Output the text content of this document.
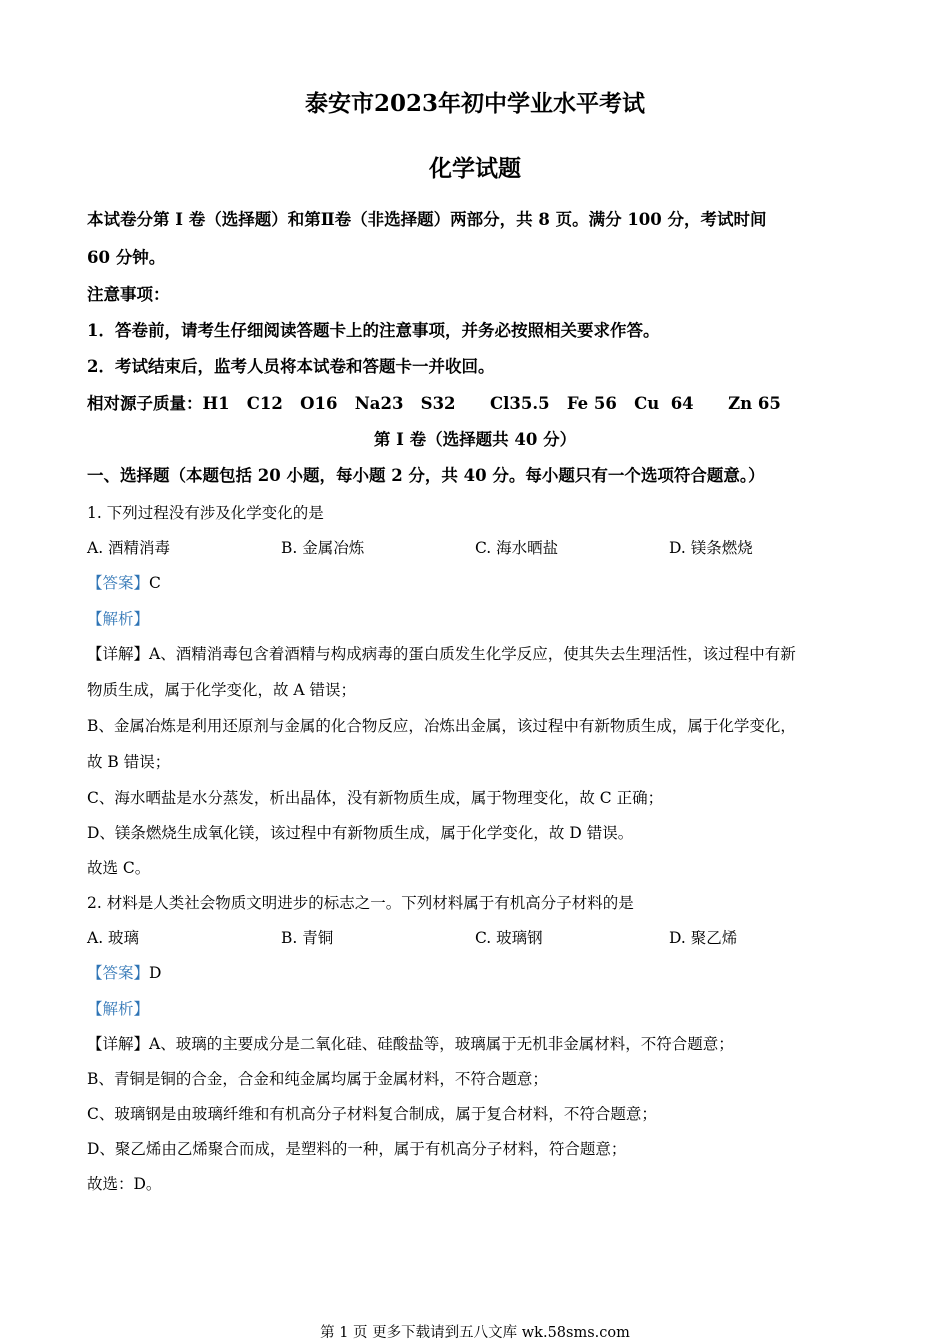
泰安市2023年初中学业水平考试
化学试题
本试卷分第 I 卷（选择题）和第Ⅱ卷（非选择题）两部分，共 8 页。满分 100 分，考试时间
60 分钟。
注意事项：
1．答卷前，请考生仔细阅读答题卡上的注意事项，并务必按照相关要求作答。
2．考试结束后，监考人员将本试卷和答题卡一并收回。
相对源子质量：H1   C12   O16   Na23   S32      Cl35.5   Fe 56   Cu  64      Zn 65
第 I 卷（选择题共 40 分）
一、选择题（本题包括 20 小题，每小题 2 分，共 40 分。每小题只有一个选项符合题意。）
1. 下列过程没有涉及化学变化的是
A. 酒精消毒	B. 金属冶炼	C. 海水晒盐	D. 镁条燃烧
【答案】C
【解析】
【详解】A、酒精消毒包含着酒精与构成病毒的蛋白质发生化学反应，使其失去生理活性，该过程中有新
物质生成，属于化学变化，故 A 错误；
B、金属冶炼是利用还原剂与金属的化合物反应，冶炼出金属，该过程中有新物质生成，属于化学变化，
故 B 错误；
C、海水晒盐是水分蒸发，析出晶体，没有新物质生成，属于物理变化，故 C 正确；
D、镁条燃烧生成氧化镁，该过程中有新物质生成，属于化学变化，故 D 错误。
故选 C。
2. 材料是人类社会物质文明进步的标志之一。下列材料属于有机高分子材料的是
A. 玻璃	B. 青铜	C. 玻璃钢	D. 聚乙烯
【答案】D
【解析】
【详解】A、玻璃的主要成分是二氧化硅、硅酸盐等，玻璃属于无机非金属材料，不符合题意；
B、青铜是铜的合金，合金和纯金属均属于金属材料，不符合题意；
C、玻璃钢是由玻璃纤维和有机高分子材料复合制成，属于复合材料，不符合题意；
D、聚乙烯由乙烯聚合而成，是塑料的一种，属于有机高分子材料，符合题意；
故选：D。
第 1 页 更多下载请到五八文库 wk.58sms.com
